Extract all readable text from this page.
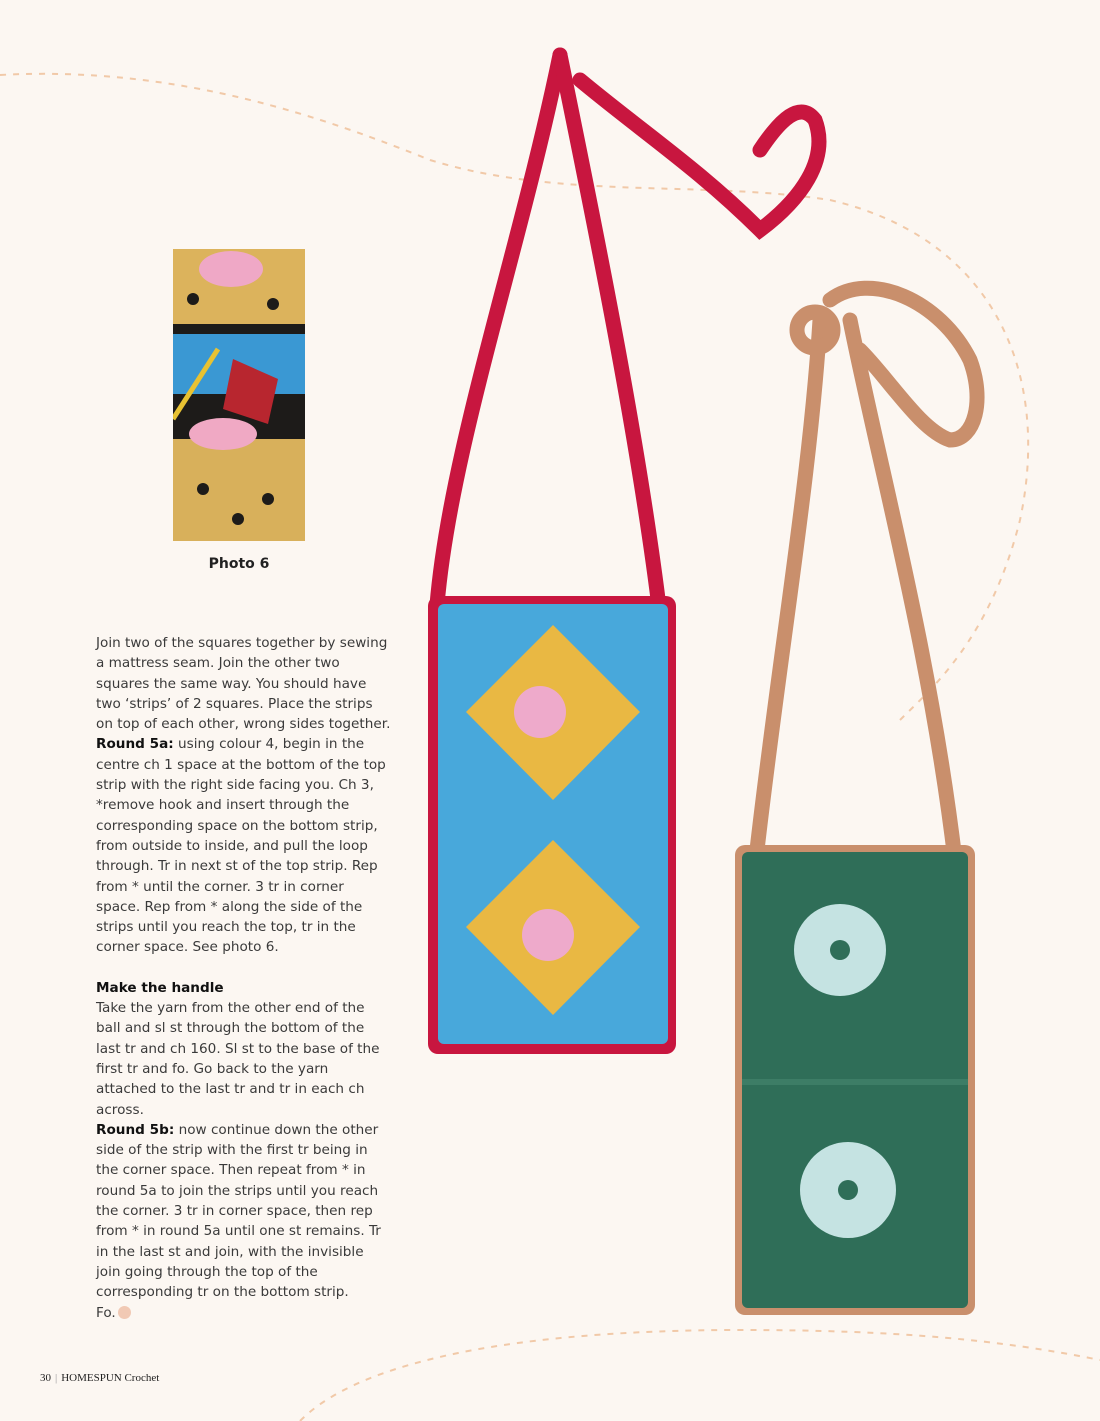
Photo 6

Join two of the squares together by sewing a mattress seam. Join the other two squares the same way. You should have two ‘strips’ of 2 squares. Place the strips on top of each other, wrong sides together.

Round 5a: using colour 4, begin in the centre ch 1 space at the bottom of the top strip with the right side facing you. Ch 3, *remove hook and insert through the corresponding space on the bottom strip, from outside to inside, and pull the loop through. Tr in next st of the top strip. Rep from * until the corner. 3 tr in corner space. Rep from * along the side of the strips until you reach the top, tr in the corner space. See photo 6.

Make the handle

Take the yarn from the other end of the ball and sl st through the bottom of the last tr and ch 160. Sl st to the base of the first tr and fo. Go back to the yarn attached to the last tr and tr in each ch across.

Round 5b: now continue down the other side of the strip with the first tr being in the corner space. Then repeat from * in round 5a to join the strips until you reach the corner. 3 tr in corner space, then rep from * in round 5a until one st remains. Tr in the last st and join, with the invisible join going through the top of the corresponding tr on the bottom strip.

Fo.

30 | HOMESPUN Crochet
